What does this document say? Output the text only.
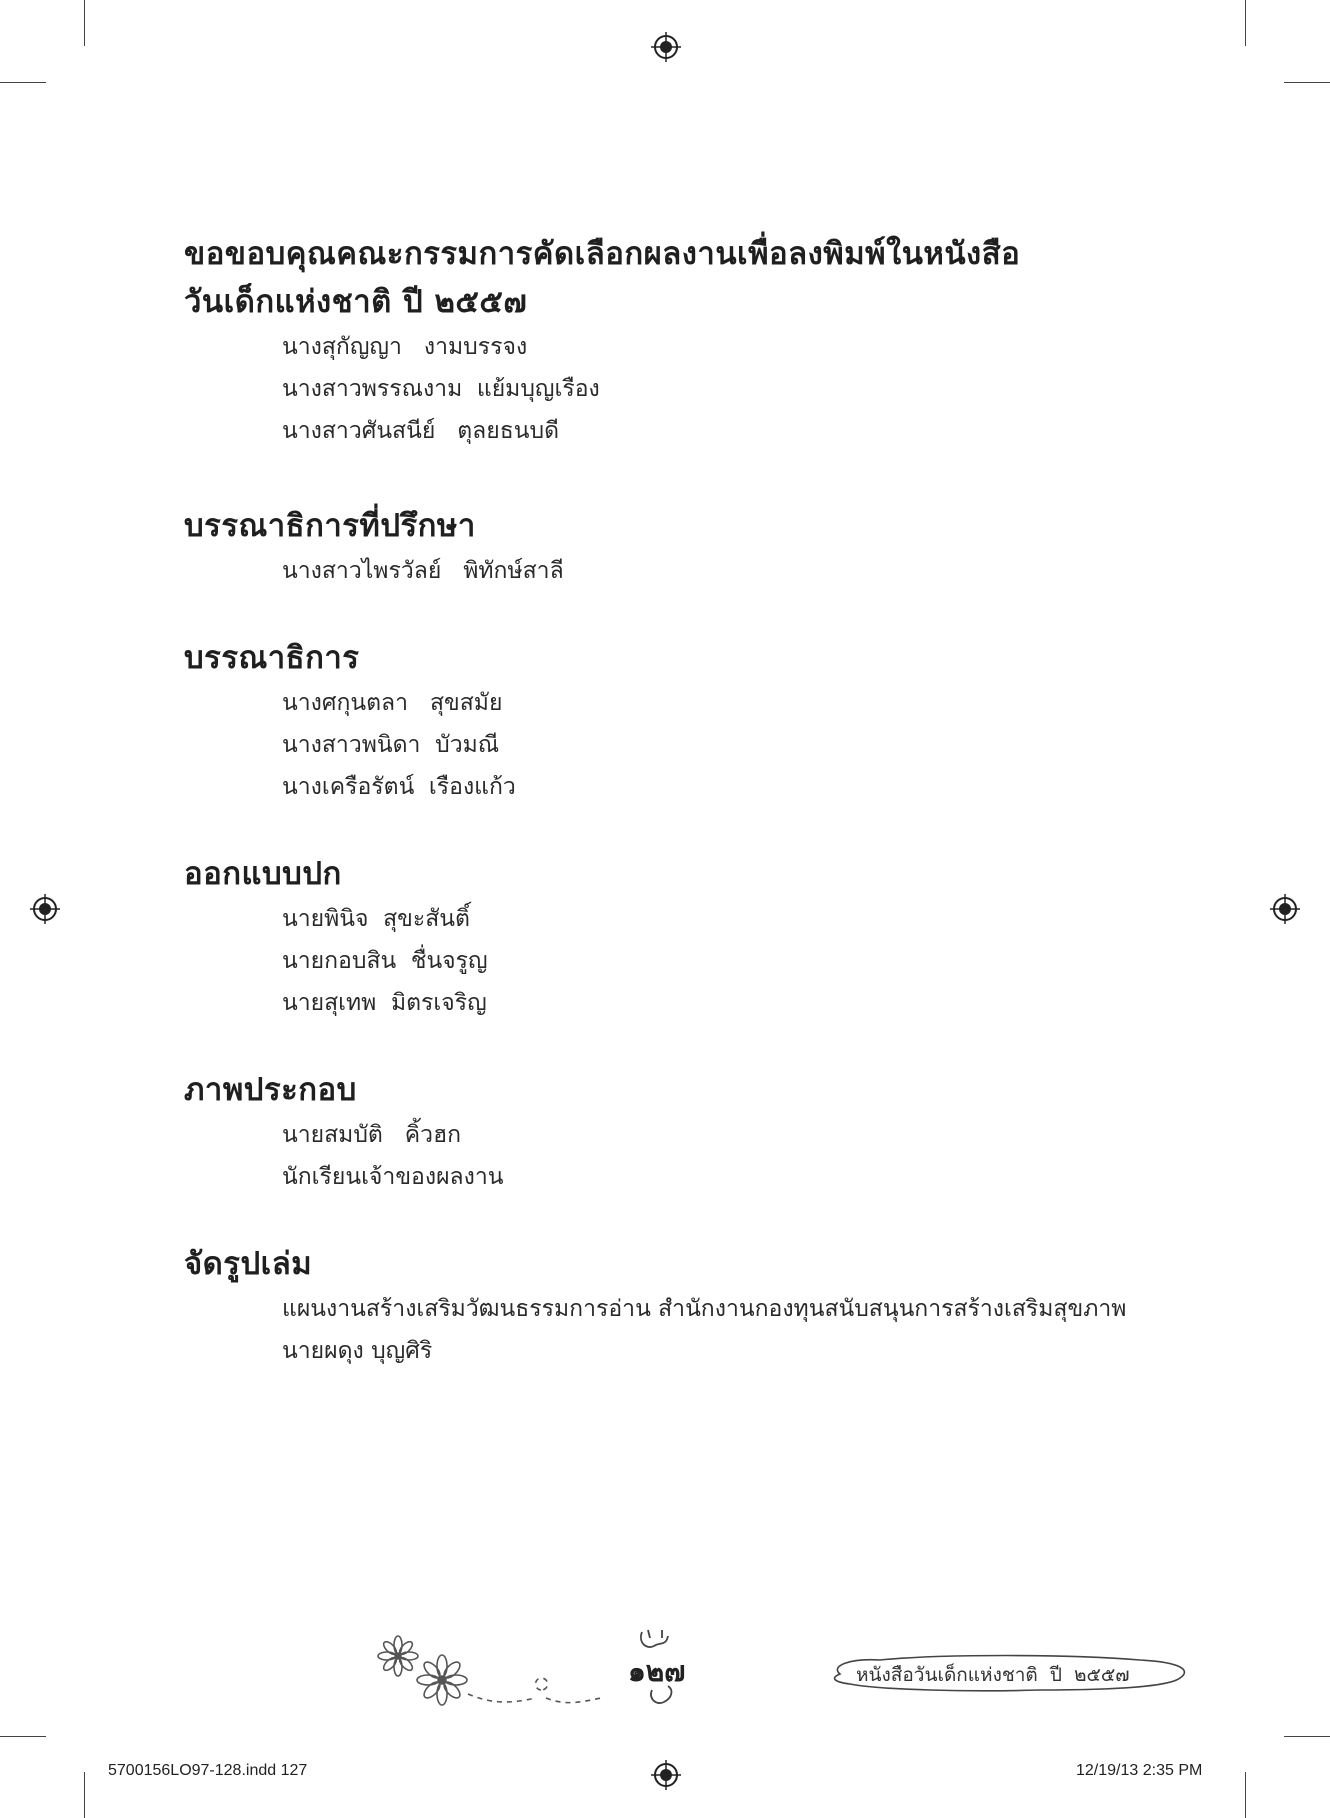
ขอขอบคุณคณะกรรมการคัดเลือกผลงานเพื่อลงพิมพ์ในหนังสือ

วันเด็กแห่งชาติ ปี ๒๕๕๗

นางสุกัญญา   งามบรรจง
นางสาวพรรณงาม  แย้มบุญเรือง
นางสาวศันสนีย์   ตุลยธนบดี

บรรณาธิการที่ปรึกษา

นางสาวไพรวัลย์   พิทักษ์สาลี

บรรณาธิการ

นางศกุนตลา   สุขสมัย
นางสาวพนิดา  บัวมณี
นางเครือรัตน์  เรืองแก้ว

ออกแบบปก

นายพินิจ  สุขะสันติ์
นายกอบสิน  ชื่นจรูญ
นายสุเทพ  มิตรเจริญ

ภาพประกอบ

นายสมบัติ   คิ้วฮก
นักเรียนเจ้าของผลงาน

จัดรูปเล่ม

แผนงานสร้างเสริมวัฒนธรรมการอ่าน สำนักงานกองทุนสนับสนุนการสร้างเสริมสุขภาพ
นายผดุง บุญศิริ
๑๒๗	หนังสือวันเด็กแห่งชาติ  ปี  ๒๕๕๗
5700156LO97-128.indd 127	12/19/13 2:35 PM
